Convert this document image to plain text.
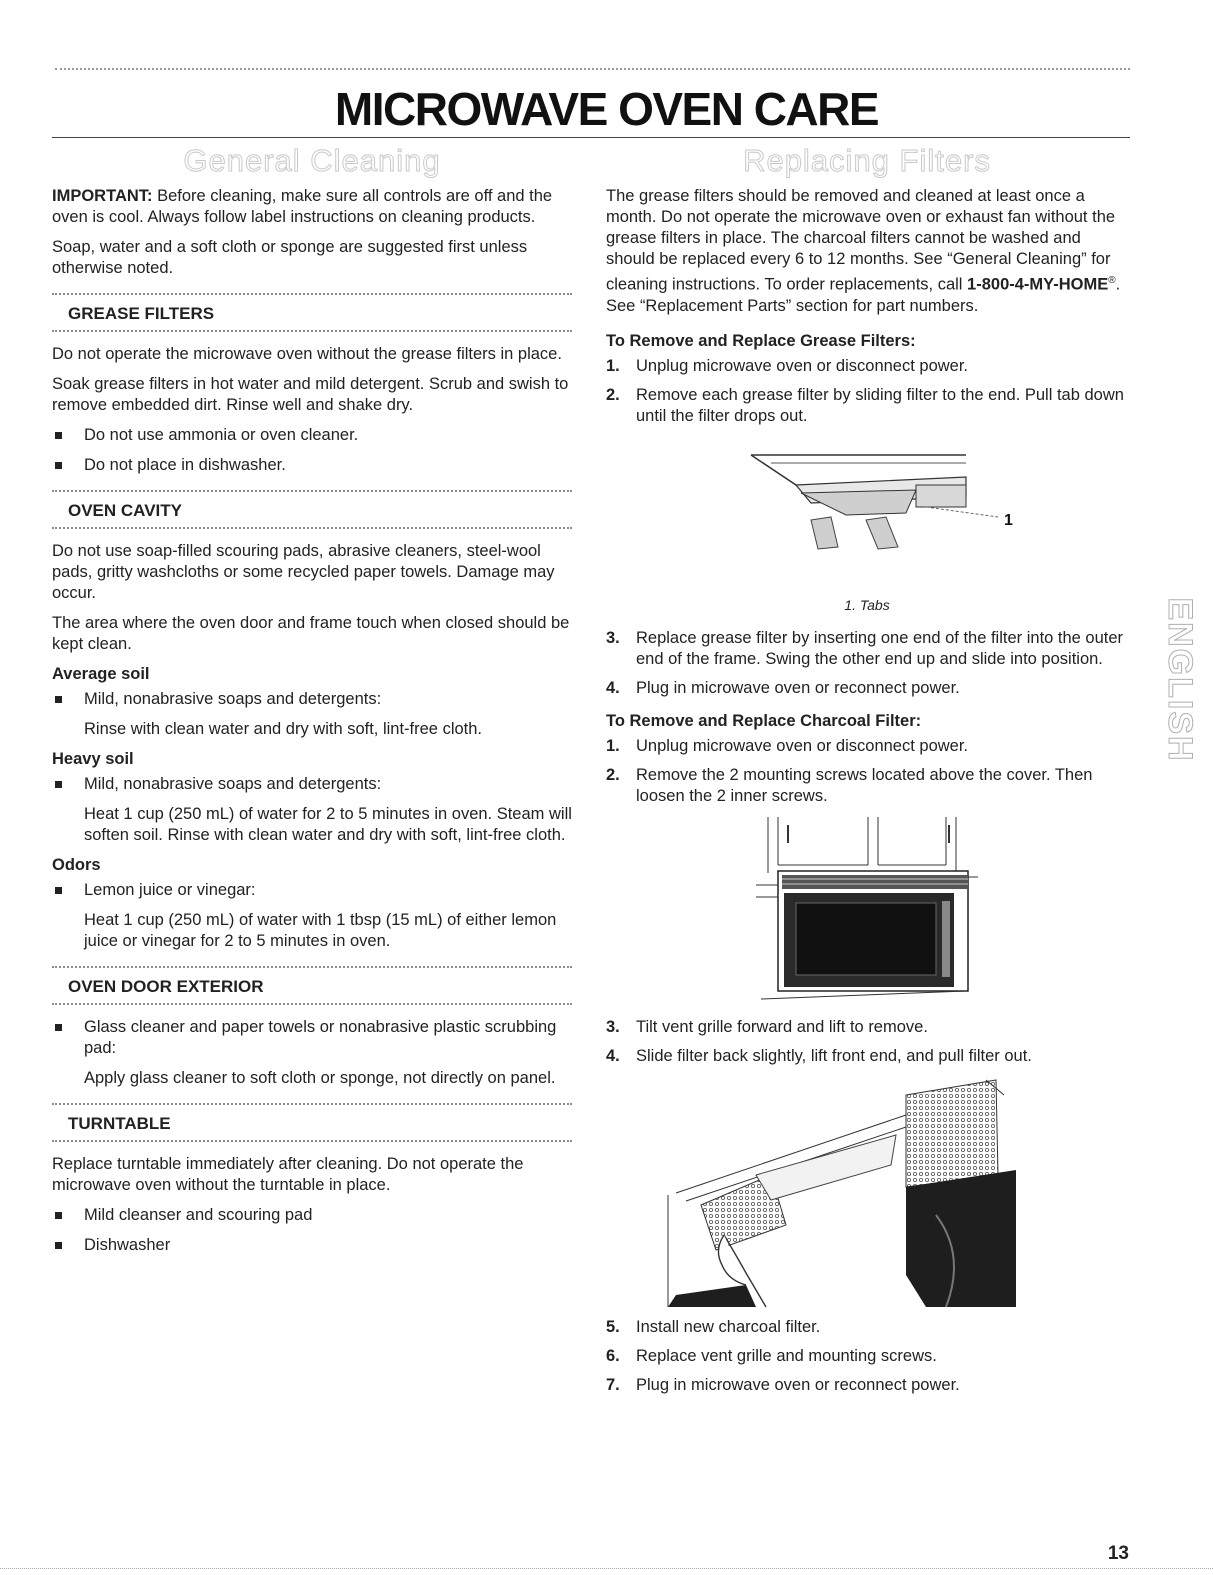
MICROWAVE OVEN CARE
General Cleaning

IMPORTANT: Before cleaning, make sure all controls are off and the oven is cool. Always follow label instructions on cleaning products.

Soap, water and a soft cloth or sponge are suggested first unless otherwise noted.

GREASE FILTERS

Do not operate the microwave oven without the grease filters in place.

Soak grease filters in hot water and mild detergent. Scrub and swish to remove embedded dirt. Rinse well and shake dry.

Do not use ammonia or oven cleaner.
Do not place in dishwasher.
OVEN CAVITY

Do not use soap-filled scouring pads, abrasive cleaners, steel-wool pads, gritty washcloths or some recycled paper towels. Damage may occur.

The area where the oven door and frame touch when closed should be kept clean.

Average soil
Mild, nonabrasive soaps and detergents:
Rinse with clean water and dry with soft, lint-free cloth.
Heavy soil
Mild, nonabrasive soaps and detergents:
Heat 1 cup (250 mL) of water for 2 to 5 minutes in oven. Steam will soften soil. Rinse with clean water and dry with soft, lint-free cloth.
Odors
Lemon juice or vinegar:
Heat 1 cup (250 mL) of water with 1 tbsp (15 mL) of either lemon juice or vinegar for 2 to 5 minutes in oven.
OVEN DOOR EXTERIOR
Glass cleaner and paper towels or nonabrasive plastic scrubbing pad:
Apply glass cleaner to soft cloth or sponge, not directly on panel.
TURNTABLE

Replace turntable immediately after cleaning. Do not operate the microwave oven without the turntable in place.

Mild cleanser and scouring pad
Dishwasher
Replacing Filters

The grease filters should be removed and cleaned at least once a month. Do not operate the microwave oven or exhaust fan without the grease filters in place. The charcoal filters cannot be washed and should be replaced every 6 to 12 months. See “General Cleaning” for cleaning instructions. To order replacements, call 1-800-4-MY-HOME®. See “Replacement Parts” section for part numbers.

To Remove and Replace Grease Filters:
1. Unplug microwave oven or disconnect power.
2. Remove each grease filter by sliding filter to the end. Pull tab down until the filter drops out.
1
1. Tabs
3. Replace grease filter by inserting one end of the filter into the outer end of the frame. Swing the other end up and slide into position.
4. Plug in microwave oven or reconnect power.
To Remove and Replace Charcoal Filter:
1. Unplug microwave oven or disconnect power.
2. Remove the 2 mounting screws located above the cover. Then loosen the 2 inner screws.
3. Tilt vent grille forward and lift to remove.
4. Slide filter back slightly, lift front end, and pull filter out.
5. Install new charcoal filter.
6. Replace vent grille and mounting screws.
7. Plug in microwave oven or reconnect power.
ENGLISH
13
